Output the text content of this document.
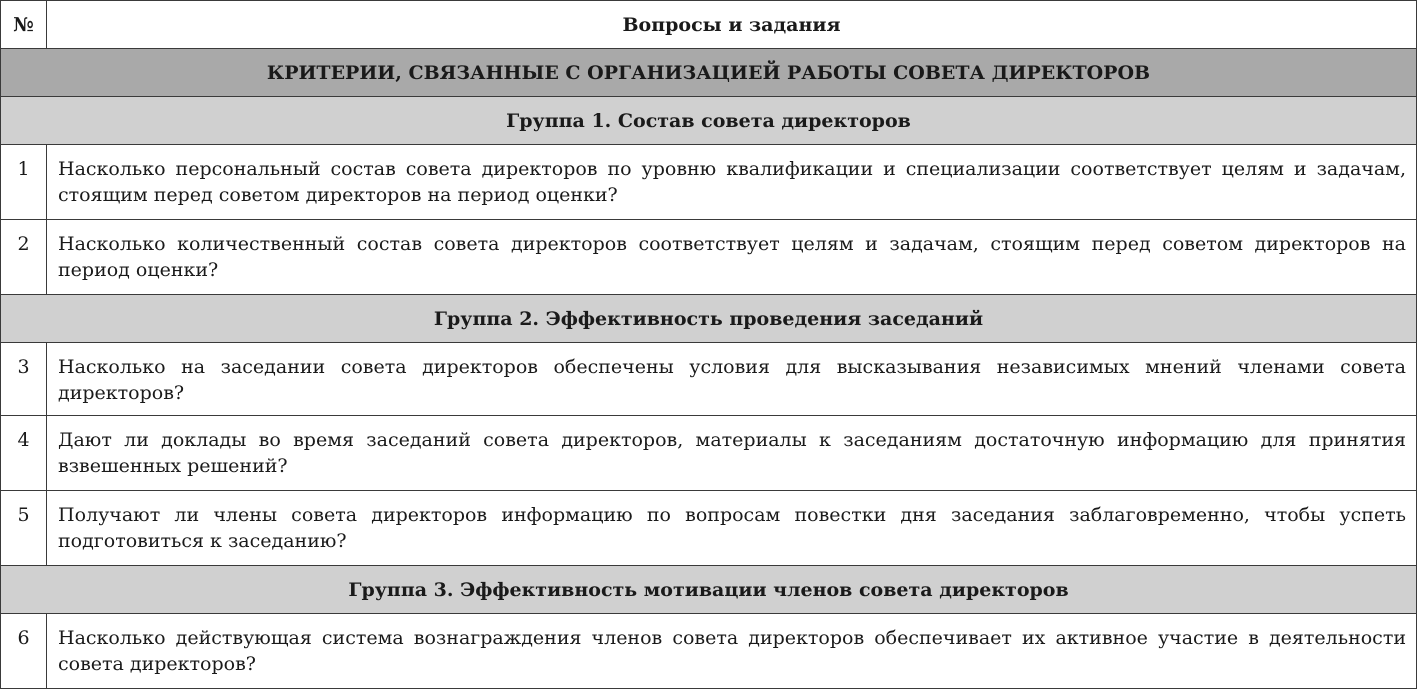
№	Вопросы и задания
КРИТЕРИИ, СВЯЗАННЫЕ С ОРГАНИЗАЦИЕЙ РАБОТЫ СОВЕТА ДИРЕКТОРОВ	
Группа 1. Состав совета директоров	
1	Насколько персональный состав совета директоров по уровню квалификации и специализации соответствует целям и задачам, стоящим перед советом директоров на период оценки?
2	Насколько количественный состав совета директоров соответствует целям и задачам, стоящим перед советом директоров на период оценки?
Группа 2. Эффективность проведения заседаний	
3	Насколько на заседании совета директоров обеспечены условия для высказывания независимых мнений членами совета директоров?
4	Дают ли доклады во время заседаний совета директоров, материалы к заседаниям достаточную информацию для принятия взвешенных решений?
5	Получают ли члены совета директоров информацию по вопросам повестки дня заседания заблаговременно, чтобы успеть подготовиться к заседанию?
Группа 3. Эффективность мотивации членов совета директоров	
6	Насколько действующая система вознаграждения членов совета директоров обеспечивает их активное участие в деятельности совета директоров?
